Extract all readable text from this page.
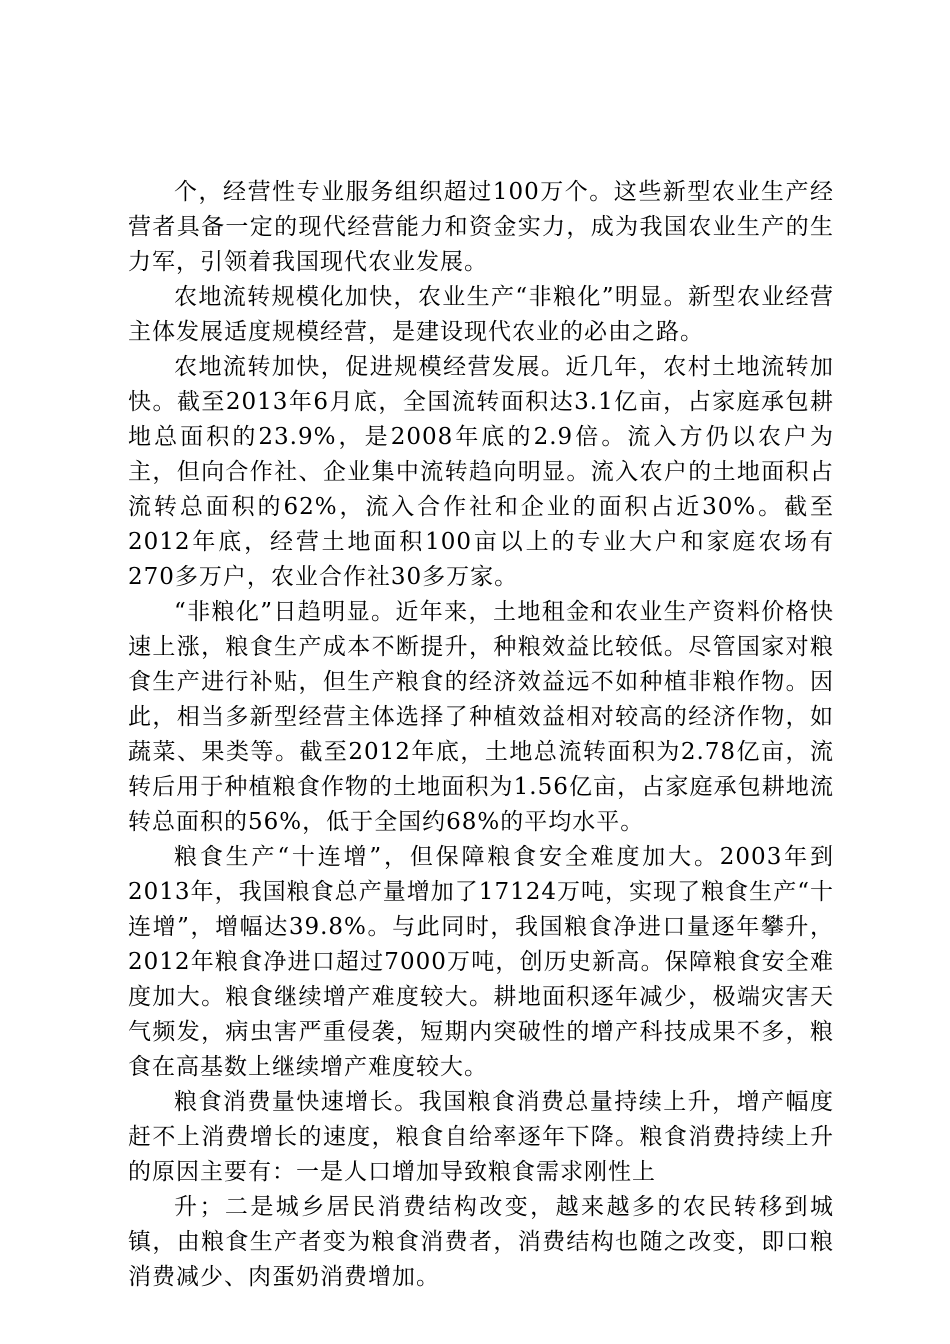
个，经营性专业服务组织超过100万个。这些新型农业生产经营者具备一定的现代经营能力和资金实力，成为我国农业生产的生力军，引领着我国现代农业发展。

农地流转规模化加快，农业生产“非粮化”明显。新型农业经营主体发展适度规模经营，是建设现代农业的必由之路。

农地流转加快，促进规模经营发展。近几年，农村土地流转加快。截至2013年6月底，全国流转面积达3.1亿亩，占家庭承包耕地总面积的23.9%，是2008年底的2.9倍。流入方仍以农户为主，但向合作社、企业集中流转趋向明显。流入农户的土地面积占流转总面积的62%，流入合作社和企业的面积占近30%。截至2012年底，经营土地面积100亩以上的专业大户和家庭农场有270多万户，农业合作社30多万家。

“非粮化”日趋明显。近年来，土地租金和农业生产资料价格快速上涨，粮食生产成本不断提升，种粮效益比较低。尽管国家对粮食生产进行补贴，但生产粮食的经济效益远不如种植非粮作物。因此，相当多新型经营主体选择了种植效益相对较高的经济作物，如蔬菜、果类等。截至2012年底，土地总流转面积为2.78亿亩，流转后用于种植粮食作物的土地面积为1.56亿亩，占家庭承包耕地流转总面积的56%，低于全国约68%的平均水平。

粮食生产“十连增”，但保障粮食安全难度加大。2003年到2013年，我国粮食总产量增加了17124万吨，实现了粮食生产“十连增”，增幅达39.8%。与此同时，我国粮食净进口量逐年攀升，2012年粮食净进口超过7000万吨，创历史新高。保障粮食安全难度加大。粮食继续增产难度较大。耕地面积逐年减少，极端灾害天气频发，病虫害严重侵袭，短期内突破性的增产科技成果不多，粮食在高基数上继续增产难度较大。

粮食消费量快速增长。我国粮食消费总量持续上升，增产幅度赶不上消费增长的速度，粮食自给率逐年下降。粮食消费持续上升的原因主要有：一是人口增加导致粮食需求刚性上

升；二是城乡居民消费结构改变，越来越多的农民转移到城镇，由粮食生产者变为粮食消费者，消费结构也随之改变，即口粮消费减少、肉蛋奶消费增加。
